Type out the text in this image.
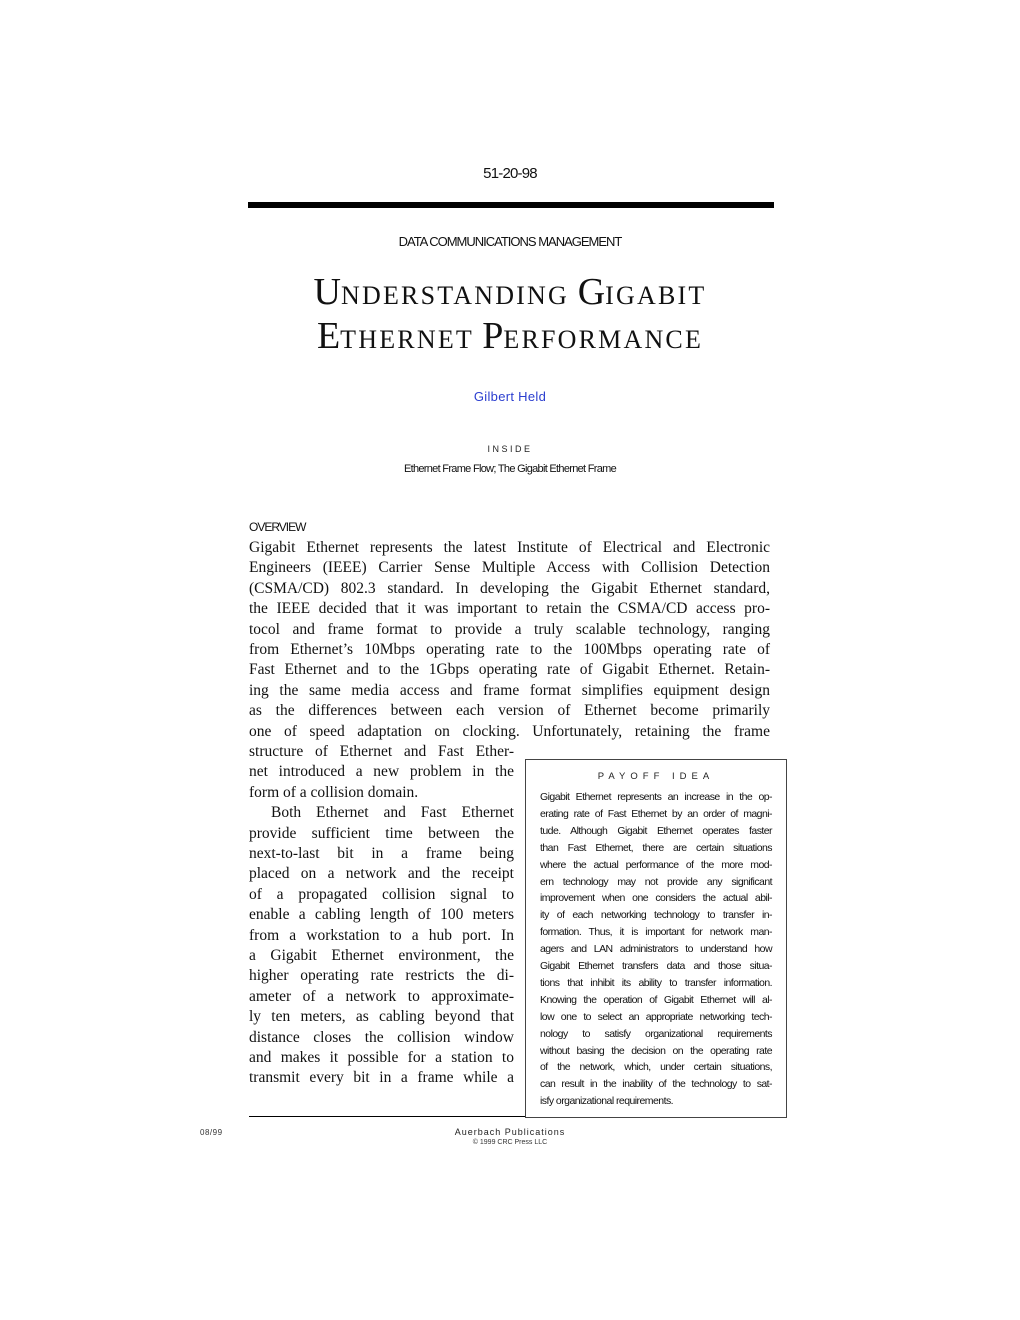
51-20-98
DATA COMMUNICATIONS MANAGEMENT
UNDERSTANDING GIGABIT
ETHERNET PERFORMANCE
Gilbert Held
INSIDE
Ethernet Frame Flow; The Gigabit Ethernet Frame
OVERVIEW
Gigabit Ethernet represents the latest Institute of Electrical and Electronic
Engineers (IEEE) Carrier Sense Multiple Access with Collision Detection
(CSMA/CD) 802.3 standard. In developing the Gigabit Ethernet standard,
the IEEE decided that it was important to retain the CSMA/CD access pro-
tocol and frame format to provide a truly scalable technology, ranging
from Ethernet’s 10Mbps operating rate to the 100Mbps operating rate of
Fast Ethernet and to the 1Gbps operating rate of Gigabit Ethernet. Retain-
ing the same media access and frame format simplifies equipment design
as the differences between each version of Ethernet become primarily
one of speed adaptation on clocking. Unfortunately, retaining the frame
structure of Ethernet and Fast Ether-
net introduced a new problem in the
form of a collision domain.
Both Ethernet and Fast Ethernet
provide sufficient time between the
next-to-last bit in a frame being
placed on a network and the receipt
of a propagated collision signal to
enable a cabling length of 100 meters
from a workstation to a hub port. In
a Gigabit Ethernet environment, the
higher operating rate restricts the di-
ameter of a network to approximate-
ly ten meters, as cabling beyond that
distance closes the collision window
and makes it possible for a station to
transmit every bit in a frame while a
PAYOFF IDEA
Gigabit Ethernet represents an increase in the op-
erating rate of Fast Ethernet by an order of magni-
tude. Although Gigabit Ethernet operates faster
than Fast Ethernet, there are certain situations
where the actual performance of the more mod-
ern technology may not provide any significant
improvement when one considers the actual abil-
ity of each networking technology to transfer in-
formation. Thus, it is important for network man-
agers and LAN administrators to understand how
Gigabit Ethernet transfers data and those situa-
tions that inhibit its ability to transfer information.
Knowing the operation of Gigabit Ethernet will al-
low one to select an appropriate networking tech-
nology to satisfy organizational requirements
without basing the decision on the operating rate
of the network, which, under certain situations,
can result in the inability of the technology to sat-
isfy organizational requirements.
08/99	Auerbach Publications
© 1999 CRC Press LLC
